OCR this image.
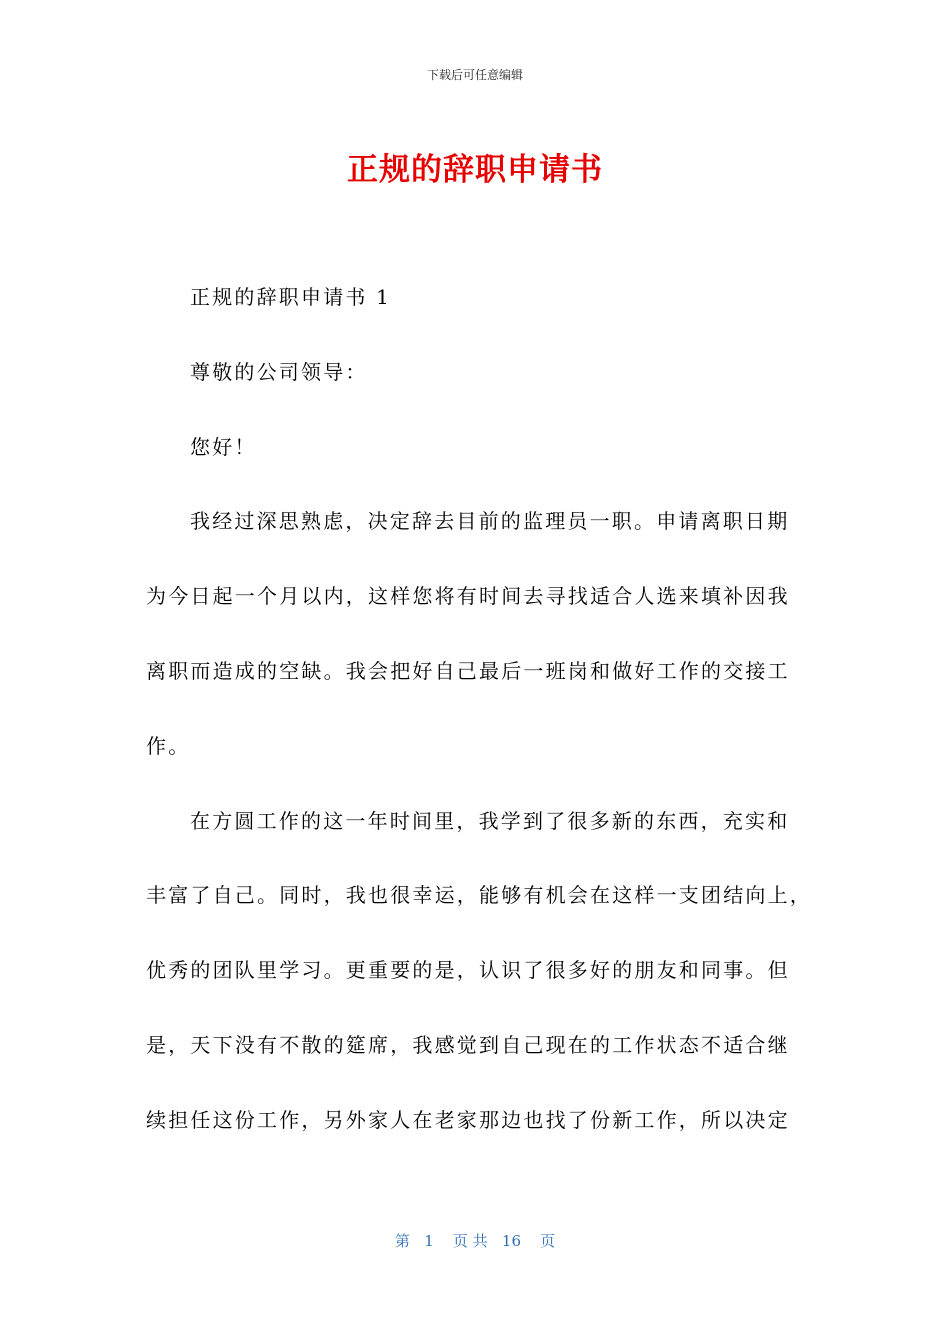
下载后可任意编辑
正规的辞职申请书
正规的辞职申请书 1
尊敬的公司领导：
您好！
我经过深思熟虑，决定辞去目前的监理员一职。申请离职日期
为今日起一个月以内，这样您将有时间去寻找适合人选来填补因我
离职而造成的空缺。我会把好自己最后一班岗和做好工作的交接工
作。
在方圆工作的这一年时间里，我学到了很多新的东西，充实和
丰富了自己。同时，我也很幸运，能够有机会在这样一支团结向上，
优秀的团队里学习。更重要的是，认识了很多好的朋友和同事。但
是，天下没有不散的筵席，我感觉到自己现在的工作状态不适合继
续担任这份工作，另外家人在老家那边也找了份新工作，所以决定
第   1    页 共   16    页
